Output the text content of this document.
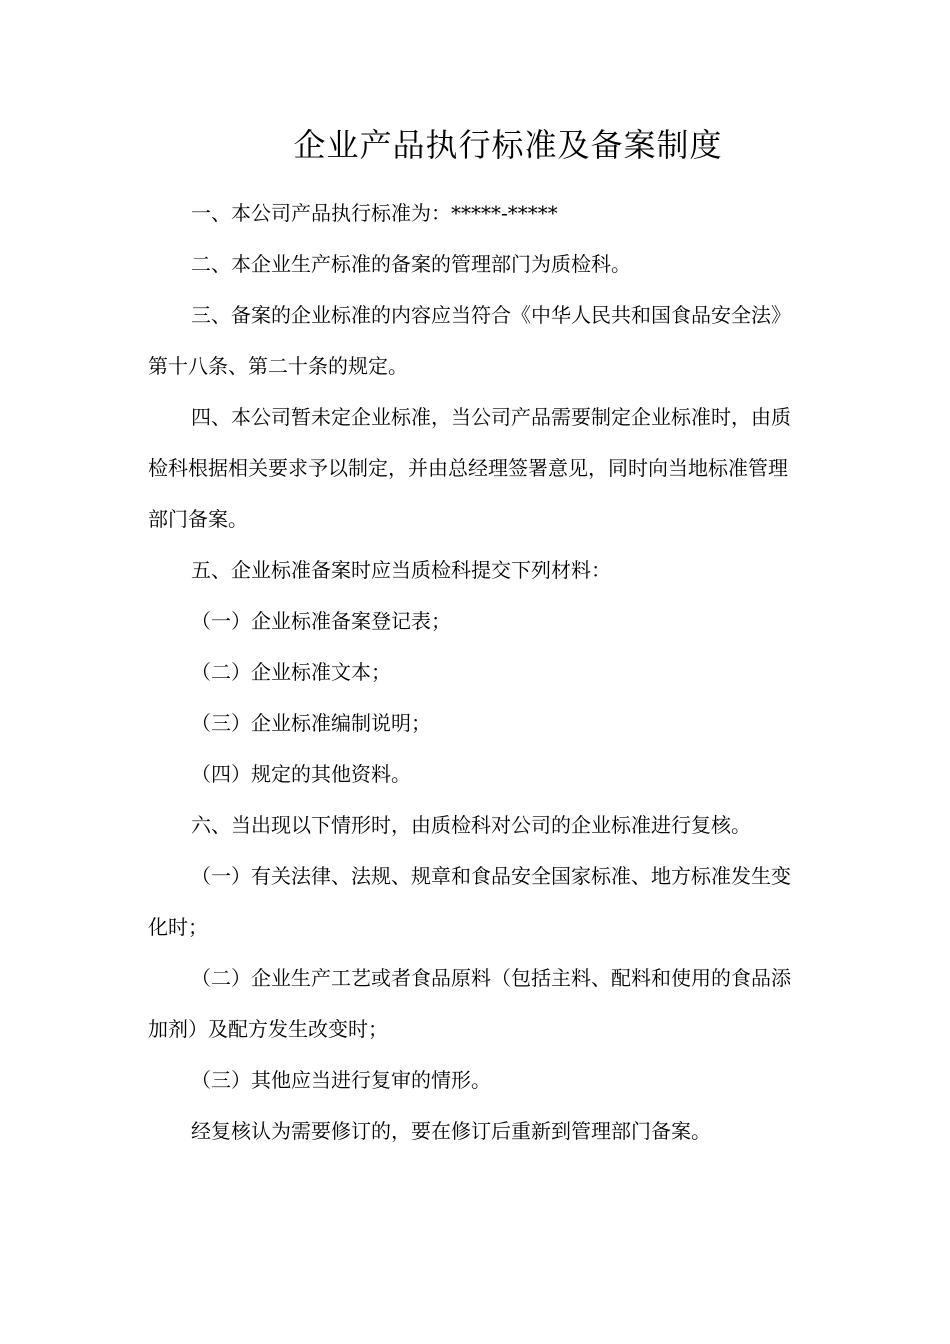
企业产品执行标准及备案制度

一、本公司产品执行标准为：*****-*****

二、本企业生产标准的备案的管理部门为质检科。

三、备案的企业标准的内容应当符合《中华人民共和国食品安全法》第十八条、第二十条的规定。

四、本公司暂未定企业标准，当公司产品需要制定企业标准时，由质检科根据相关要求予以制定，并由总经理签署意见，同时向当地标准管理部门备案。

五、企业标准备案时应当质检科提交下列材料：

（一）企业标准备案登记表；

（二）企业标准文本；

（三）企业标准编制说明；

（四）规定的其他资料。

六、当出现以下情形时，由质检科对公司的企业标准进行复核。

（一）有关法律、法规、规章和食品安全国家标准、地方标准发生变化时；

（二）企业生产工艺或者食品原料（包括主料、配料和使用的食品添加剂）及配方发生改变时；

（三）其他应当进行复审的情形。

经复核认为需要修订的，要在修订后重新到管理部门备案。
